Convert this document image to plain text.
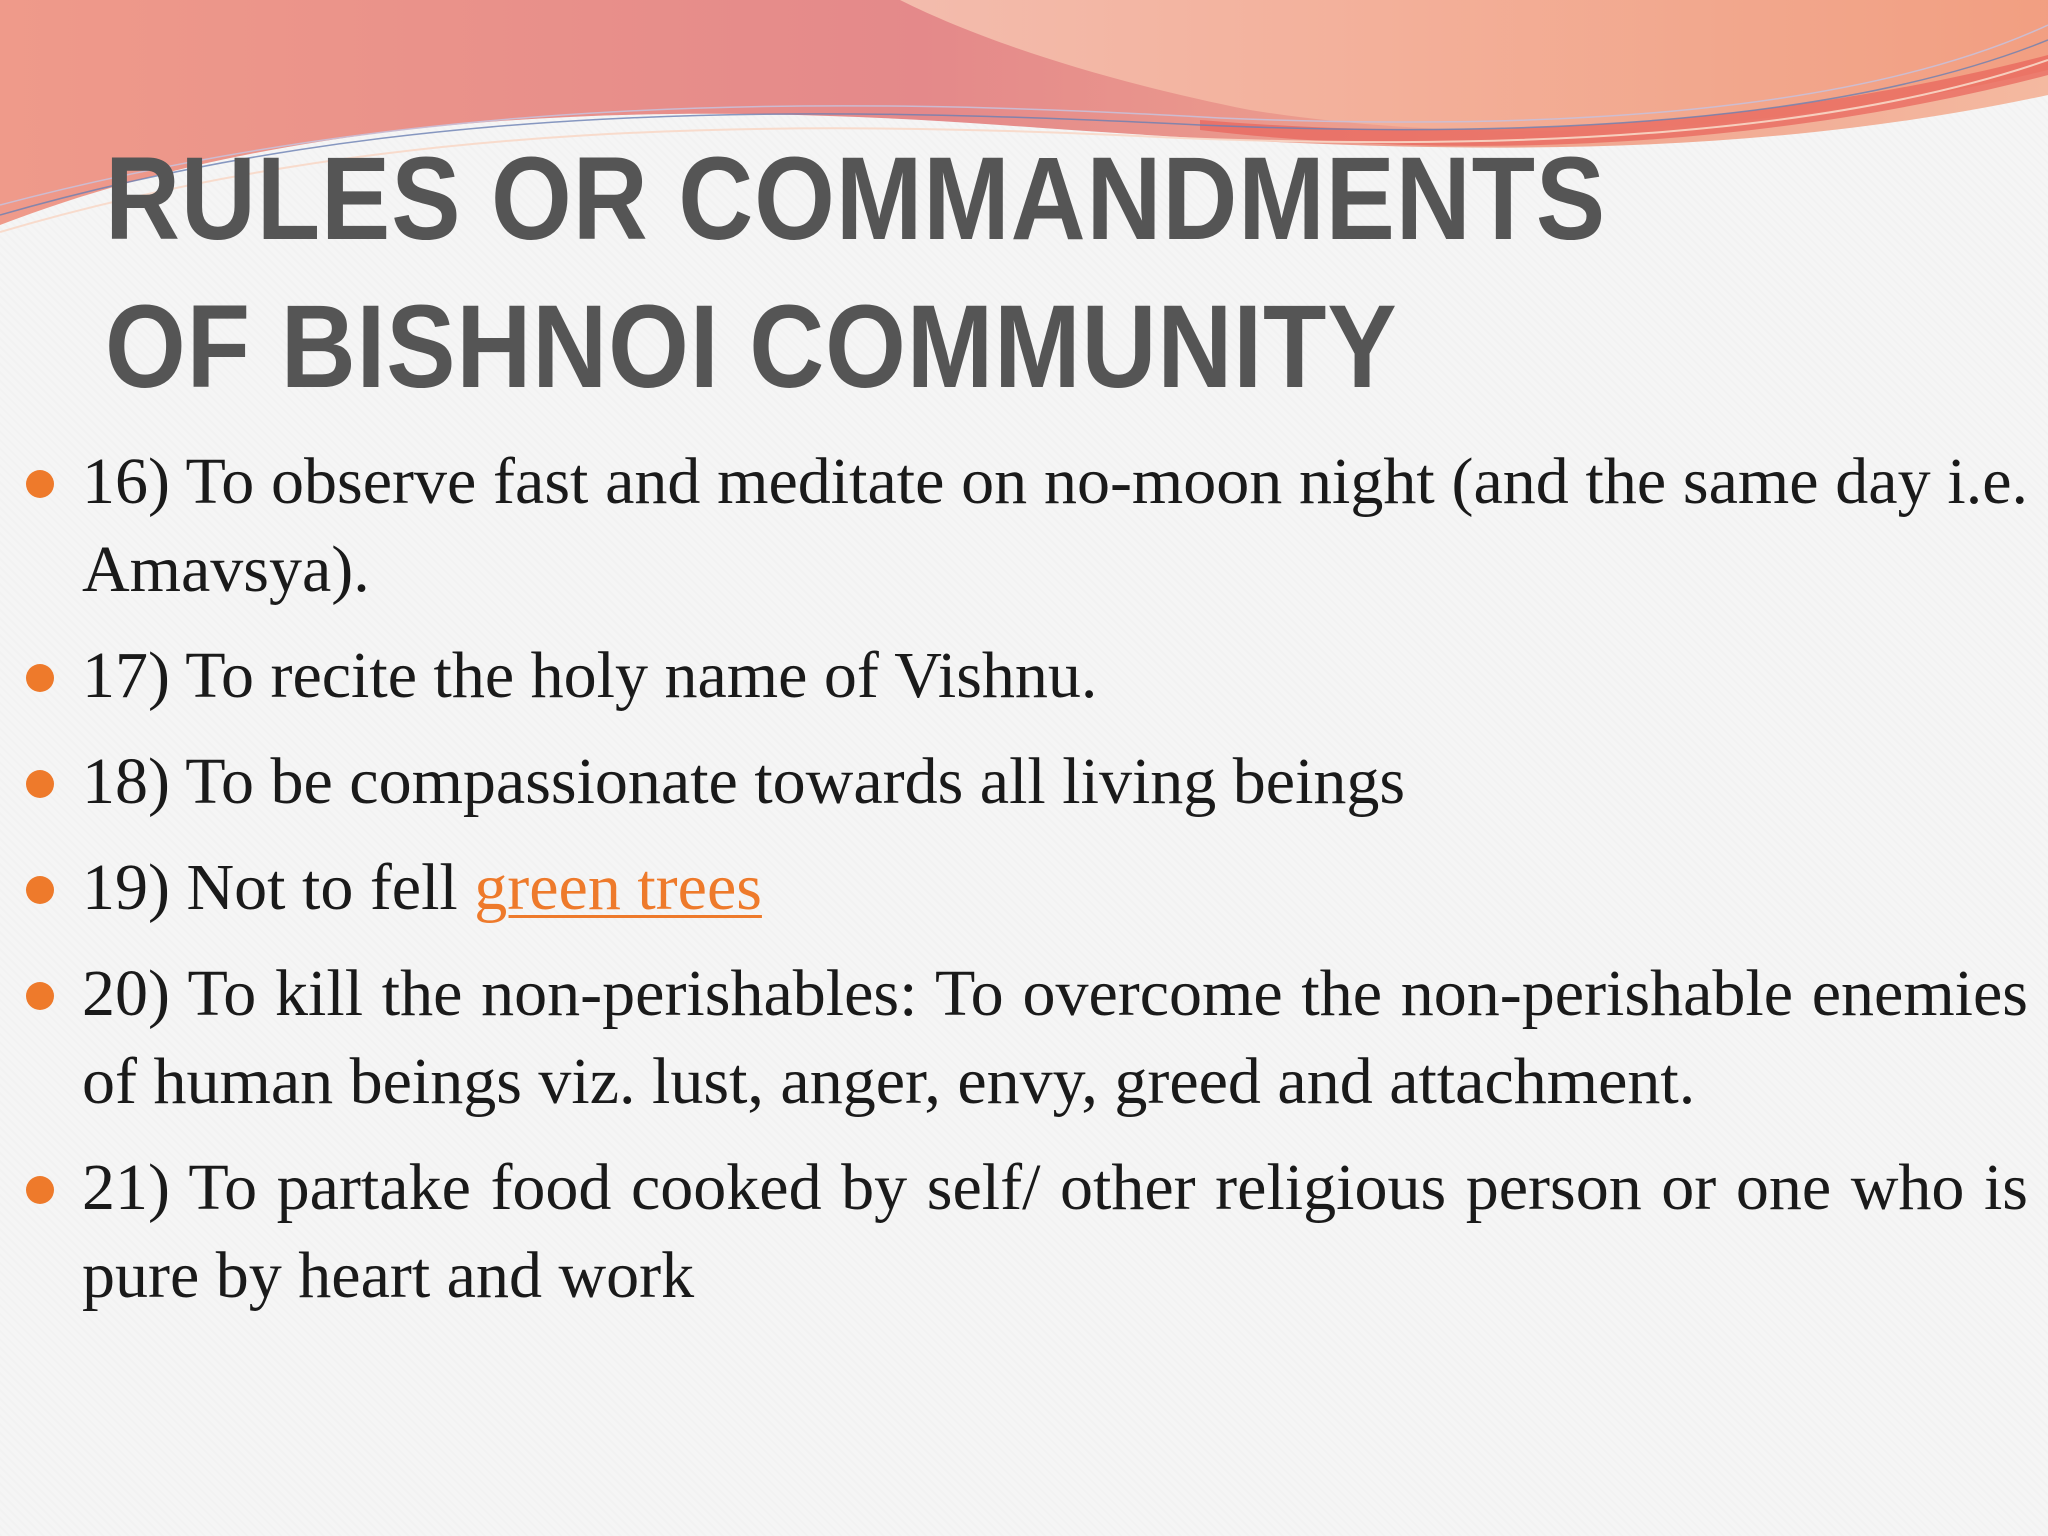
RULES OR COMMANDMENTS
OF BISHNOI COMMUNITY
16) To observe fast and meditate on no-moon night (and the same day i.e. Amavsya).
17) To recite the holy name of Vishnu.
18) To be compassionate towards all living beings
19) Not to fell green trees
20) To kill the non-perishables: To overcome the non-perishable enemies of human beings viz. lust, anger, envy, greed and attachment.
21) To partake food cooked by self/ other religious person or one who is pure by heart and work
